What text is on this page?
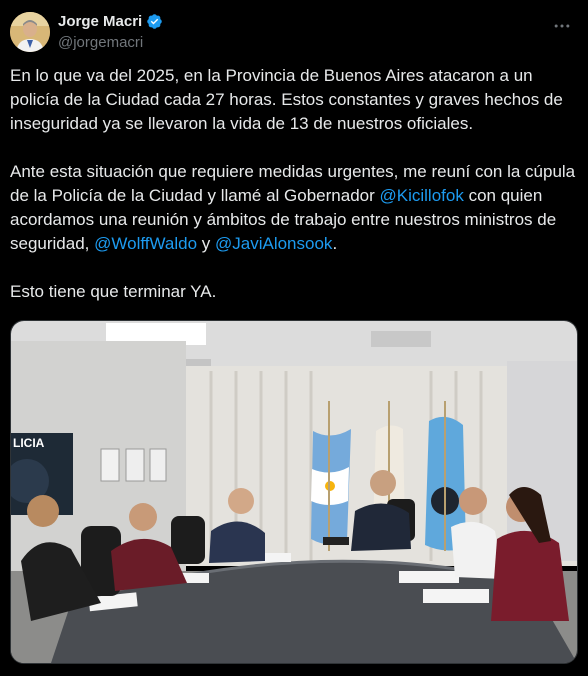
Jorge Macri
@jorgemacri

En lo que va del 2025, en la Provincia de Buenos Aires atacaron a un policía de la Ciudad cada 27 horas. Estos constantes y graves hechos de inseguridad ya se llevaron la vida de 13 de nuestros oficiales.

Ante esta situación que requiere medidas urgentes, me reuní con la cúpula de la Policía de la Ciudad y llamé al Gobernador @Kicillofok con quien acordamos una reunión y ámbitos de trabajo entre nuestros ministros de seguridad, @WolffWaldo y @JaviAlonsook.

Esto tiene que terminar YA.

LICIA
